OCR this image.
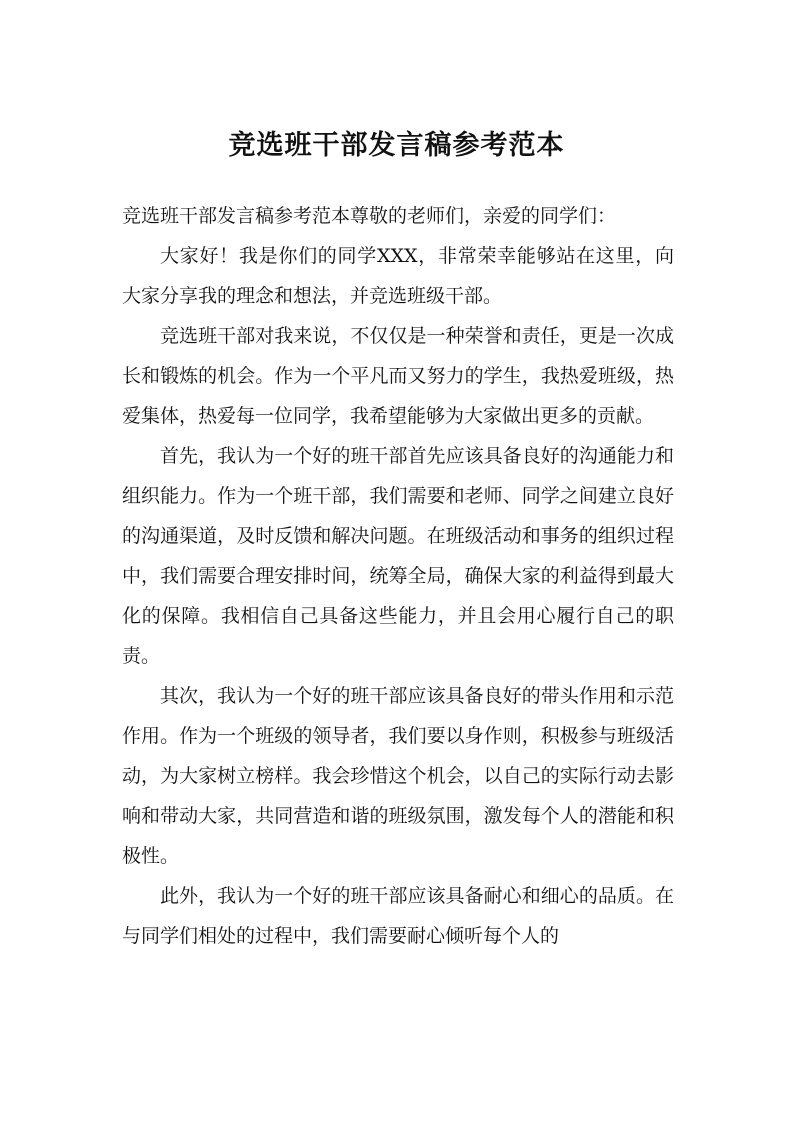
竞选班干部发言稿参考范本

竞选班干部发言稿参考范本尊敬的老师们，亲爱的同学们：

大家好！我是你们的同学XXX，非常荣幸能够站在这里，向大家分享我的理念和想法，并竞选班级干部。

竞选班干部对我来说，不仅仅是一种荣誉和责任，更是一次成长和锻炼的机会。作为一个平凡而又努力的学生，我热爱班级，热爱集体，热爱每一位同学，我希望能够为大家做出更多的贡献。

首先，我认为一个好的班干部首先应该具备良好的沟通能力和组织能力。作为一个班干部，我们需要和老师、同学之间建立良好的沟通渠道，及时反馈和解决问题。在班级活动和事务的组织过程中，我们需要合理安排时间，统筹全局，确保大家的利益得到最大化的保障。我相信自己具备这些能力，并且会用心履行自己的职责。

其次，我认为一个好的班干部应该具备良好的带头作用和示范作用。作为一个班级的领导者，我们要以身作则，积极参与班级活动，为大家树立榜样。我会珍惜这个机会，以自己的实际行动去影响和带动大家，共同营造和谐的班级氛围，激发每个人的潜能和积极性。

此外，我认为一个好的班干部应该具备耐心和细心的品质。在与同学们相处的过程中，我们需要耐心倾听每个人的
